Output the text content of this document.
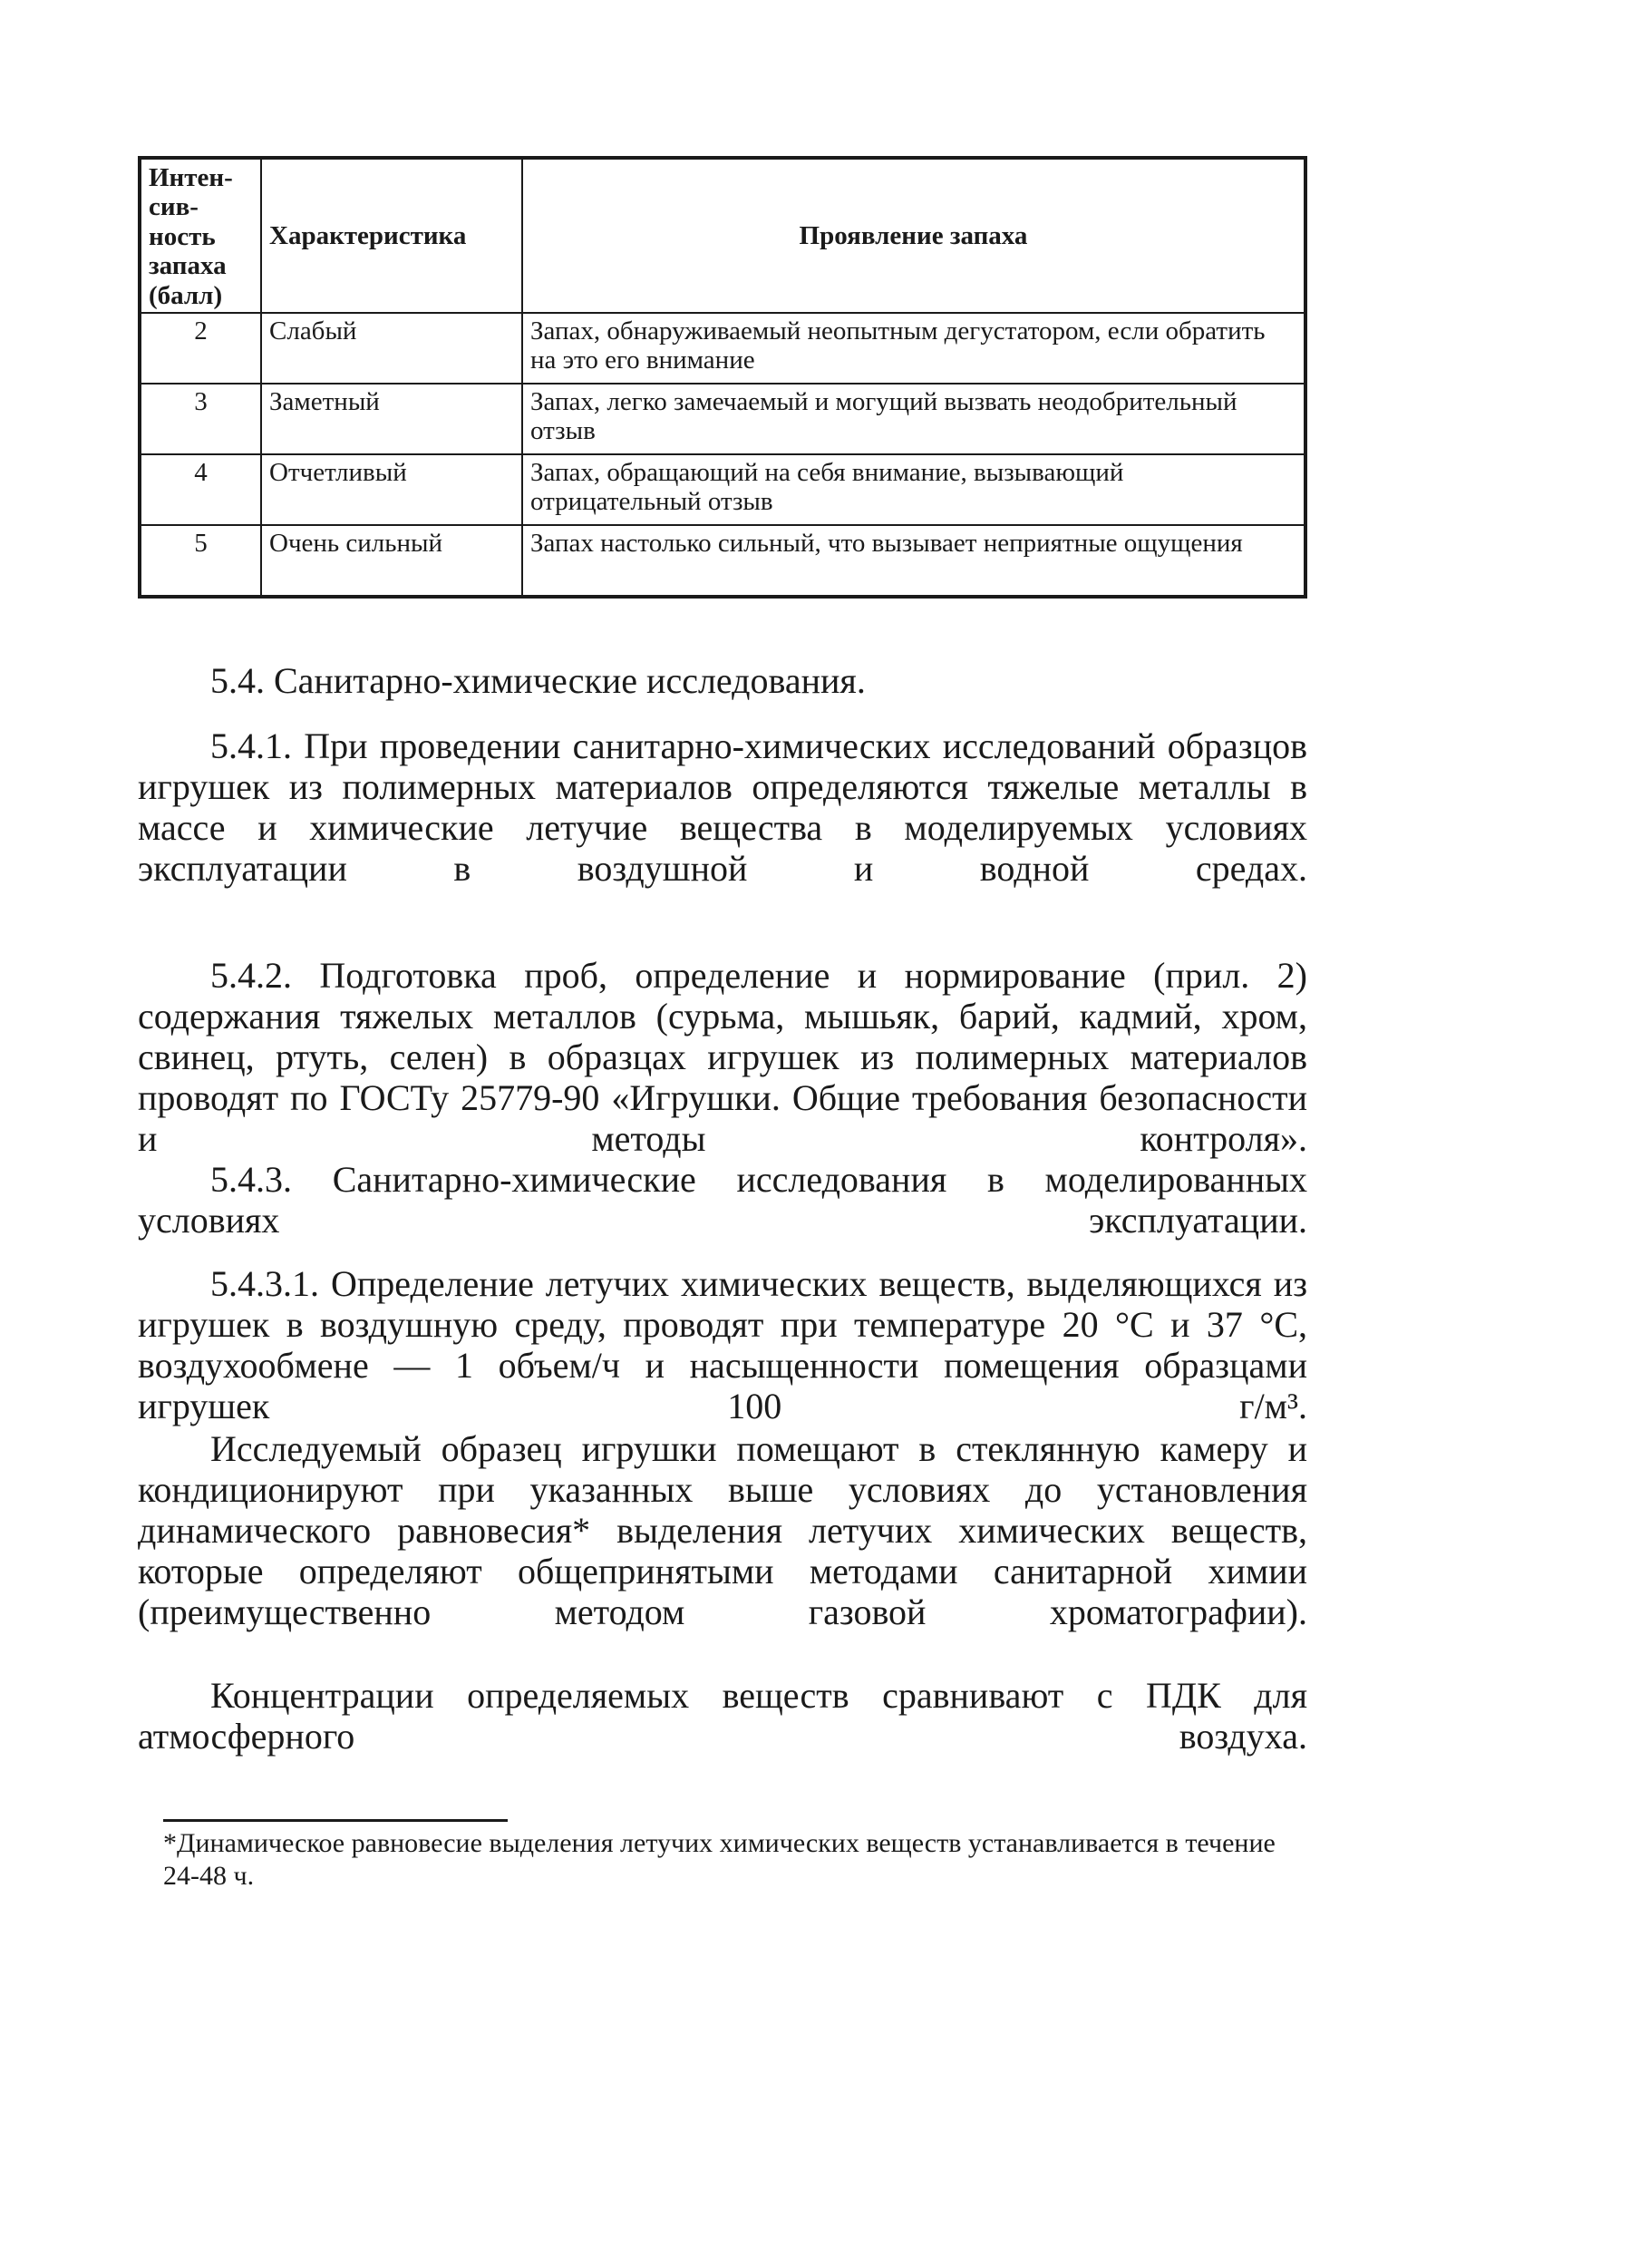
Интен-сив-ность запаха (балл)	Характеристика	Проявление запаха
2	Слабый	Запах, обнаруживаемый неопытным дегустатором, если обратить на это его внимание
3	Заметный	Запах, легко замечаемый и могущий вызвать неодобрительный отзыв
4	Отчетливый	Запах, обращающий на себя внимание, вызывающий отрицательный отзыв
5	Очень сильный	Запах настолько сильный, что вызывает неприятные ощущения

5.4. Санитарно-химические исследования.

5.4.1. При проведении санитарно-химических исследований образцов игрушек из полимерных материалов определяются тяжелые металлы в массе и химические летучие вещества в моделируемых условиях эксплуатации в воздушной и водной средах.

5.4.2. Подготовка проб, определение и нормирование (прил. 2) содержания тяжелых металлов (сурьма, мышьяк, барий, кадмий, хром, свинец, ртуть, селен) в образцах игрушек из полимерных материалов проводят по ГОСТу 25779-90 «Игрушки. Общие требования безопасности и методы контроля».

5.4.3. Санитарно-химические исследования в моделированных условиях эксплуатации.

5.4.3.1. Определение летучих химических веществ, выделяющихся из игрушек в воздушную среду, проводят при температуре 20 °С и 37 °С, воздухообмене — 1 объем/ч и насыщенности помещения образцами игрушек 100 г/м³.

Исследуемый образец игрушки помещают в стеклянную камеру и кондиционируют при указанных выше условиях до установления динамического равновесия* выделения летучих химических веществ, которые определяют общепринятыми методами санитарной химии (преимущественно методом газовой хроматографии).

Концентрации определяемых веществ сравнивают с ПДК для атмосферного воздуха.

*Динамическое равновесие выделения летучих химических веществ устанавливается в течение 24-48 ч.
